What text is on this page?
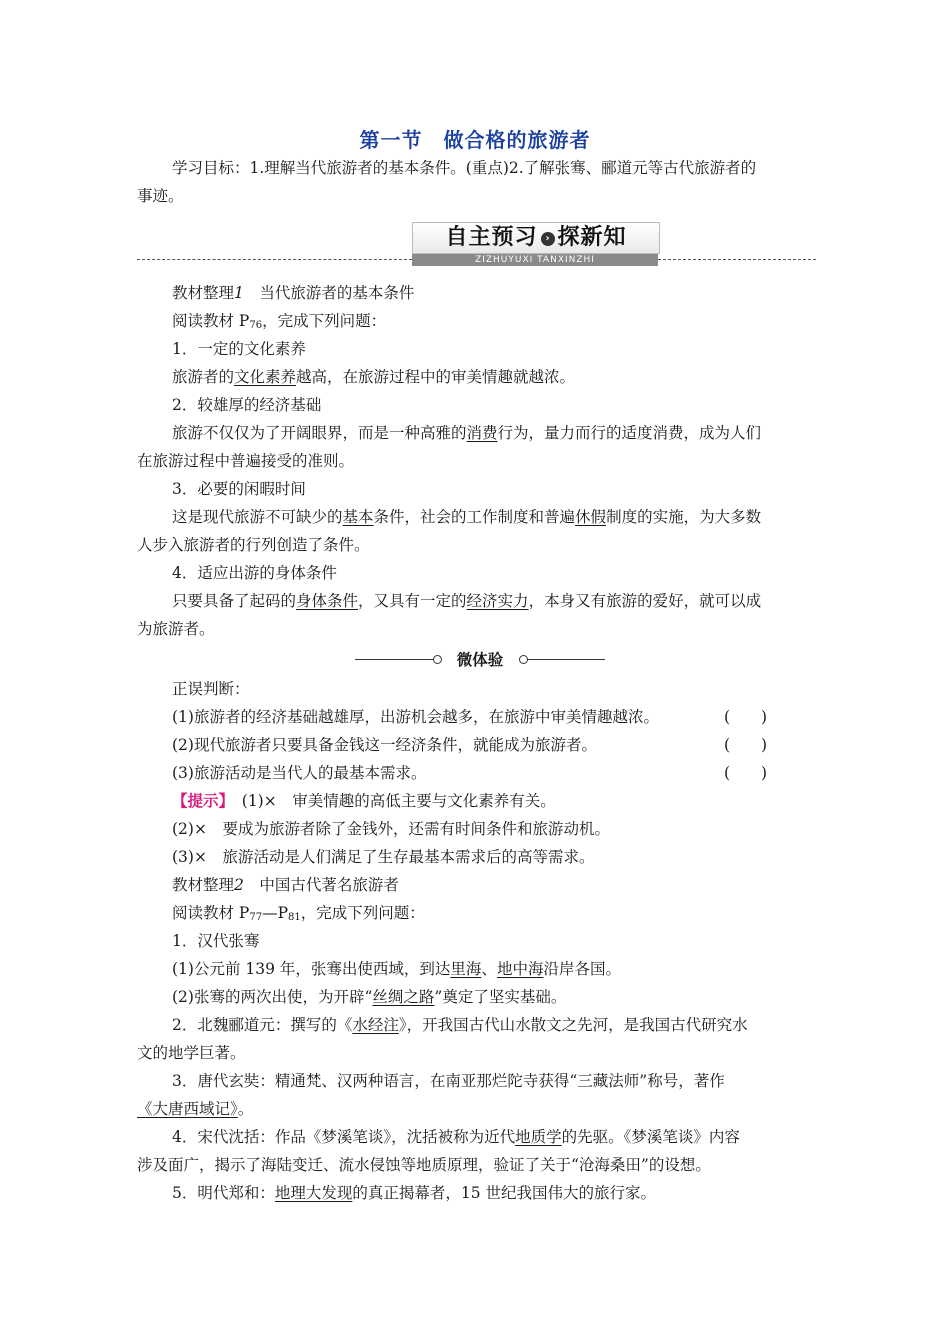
第一节　做合格的旅游者
学习目标：1.理解当代旅游者的基本条件。(重点)2.了解张骞、郦道元等古代旅游者的
事迹。
自主预习 › 探新知
ZIZHUYUXI TANXINZHI
教材整理1　当代旅游者的基本条件
阅读教材 $P_{76}$，完成下列问题：
1．一定的文化素养
旅游者的文化素养越高，在旅游过程中的审美情趣就越浓。
2．较雄厚的经济基础
旅游不仅仅为了开阔眼界，而是一种高雅的消费行为，量力而行的适度消费，成为人们
在旅游过程中普遍接受的准则。
3．必要的闲暇时间
这是现代旅游不可缺少的基本条件，社会的工作制度和普遍休假制度的实施，为大多数
人步入旅游者的行列创造了条件。
4．适应出游的身体条件
只要具备了起码的身体条件，又具有一定的经济实力，本身又有旅游的爱好，就可以成
为旅游者。
微体验
正误判断：
(1)旅游者的经济基础越雄厚，出游机会越多，在旅游中审美情趣越浓。	(　　)
(2)现代旅游者只要具备金钱这一经济条件，就能成为旅游者。	(　　)
(3)旅游活动是当代人的最基本需求。	(　　)
【提示】　(1)×　审美情趣的高低主要与文化素养有关。
(2)×　要成为旅游者除了金钱外，还需有时间条件和旅游动机。
(3)×　旅游活动是人们满足了生存最基本需求后的高等需求。
教材整理2　中国古代著名旅游者
阅读教材 $P_{77}—P_{81}$，完成下列问题：
1．汉代张骞
(1)公元前 139 年，张骞出使西域，到达里海、地中海沿岸各国。
(2)张骞的两次出使，为开辟“丝绸之路”奠定了坚实基础。
2．北魏郦道元：撰写的《水经注》，开我国古代山水散文之先河，是我国古代研究水
文的地学巨著。
3．唐代玄奘：精通梵、汉两种语言，在南亚那烂陀寺获得“三藏法师”称号，著作
《大唐西域记》。
4．宋代沈括：作品《梦溪笔谈》，沈括被称为近代地质学的先驱。《梦溪笔谈》内容
涉及面广，揭示了海陆变迁、流水侵蚀等地质原理，验证了关于“沧海桑田”的设想。
5．明代郑和：地理大发现的真正揭幕者，15 世纪我国伟大的旅行家。
